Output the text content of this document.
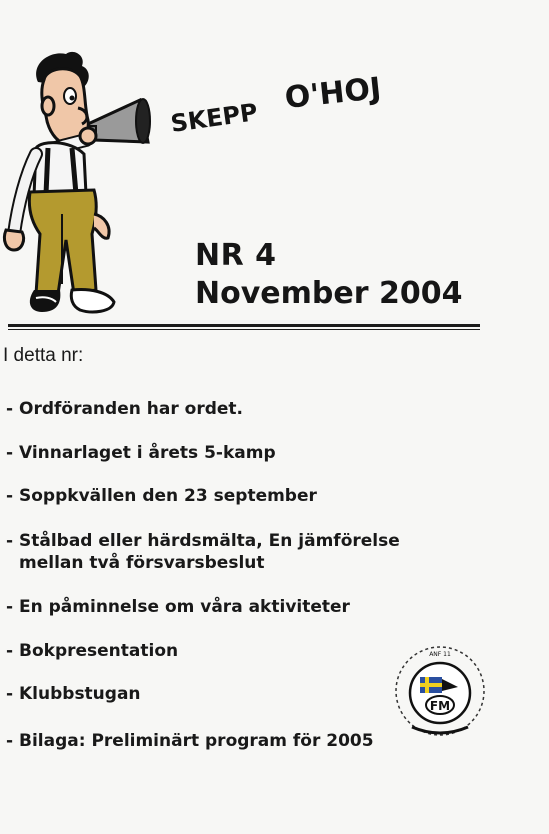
SKEPP
O'HOJ
NR 4
November 2004
I detta nr:
- Ordföranden har ordet.
- Vinnarlaget i årets 5-kamp
- Soppkvällen den 23 september
- Stålbad eller härdsmälta, En jämförelse
mellan två försvarsbeslut
- En påminnelse om våra aktiviteter
- Bokpresentation
- Klubbstugan
- Bilaga: Preliminärt program för 2005
FM
ANF 11
